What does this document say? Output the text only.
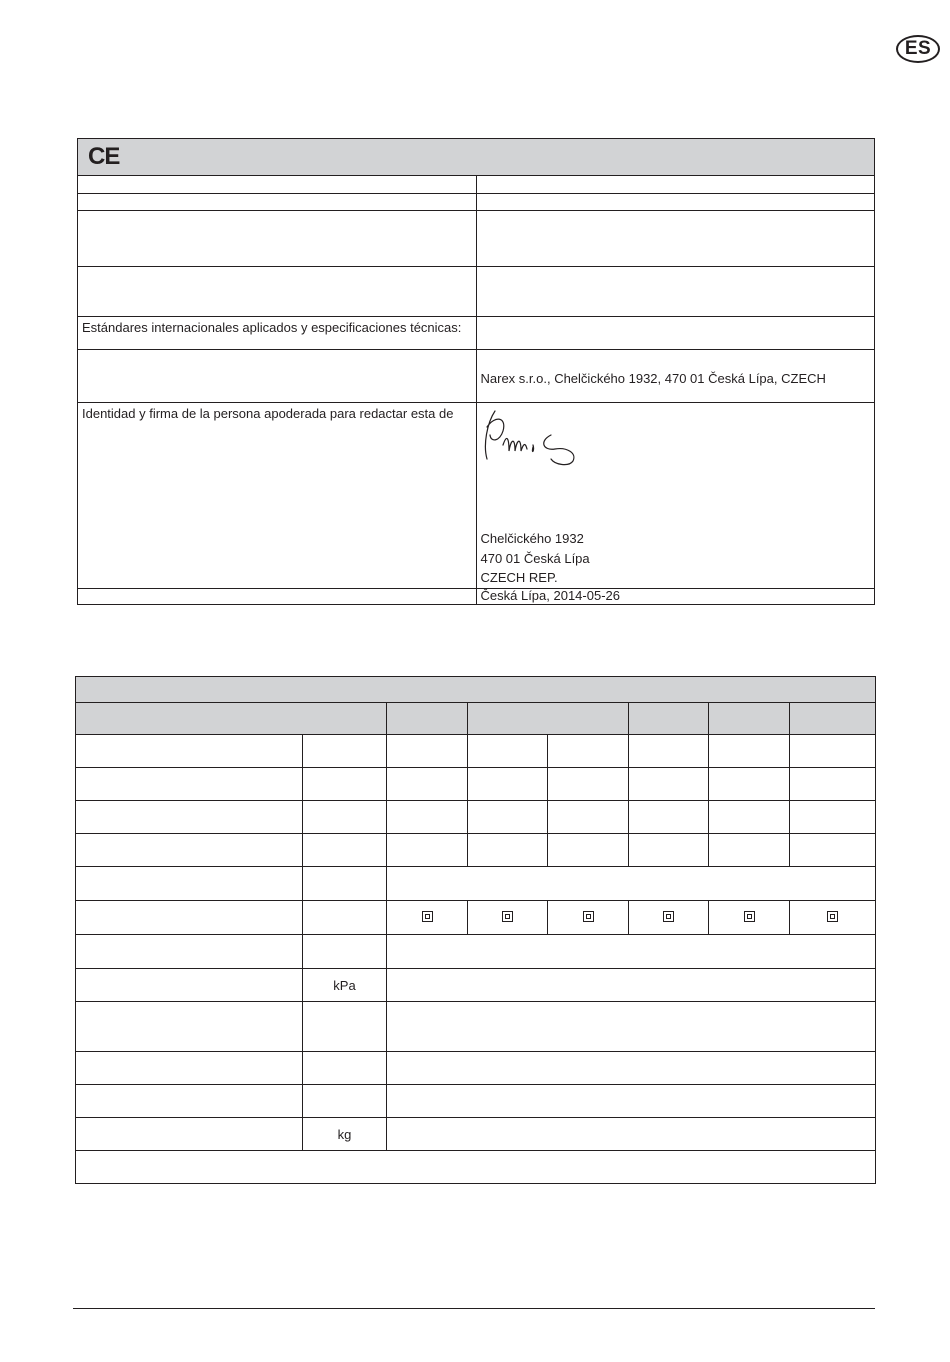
ES
CE	

Estándares internacionales aplicados y especificaciones técnicas:	
	Narex s.r.o., Chelčického 1932, 470 01 Česká Lípa, CZECH
Identidad y firma de la persona apoderada para redactar esta de	Chelčického 1932
470 01 Česká Lípa
CZECH REP.

	Česká Lípa, 2014-05-26

	kPa						

	kg						
